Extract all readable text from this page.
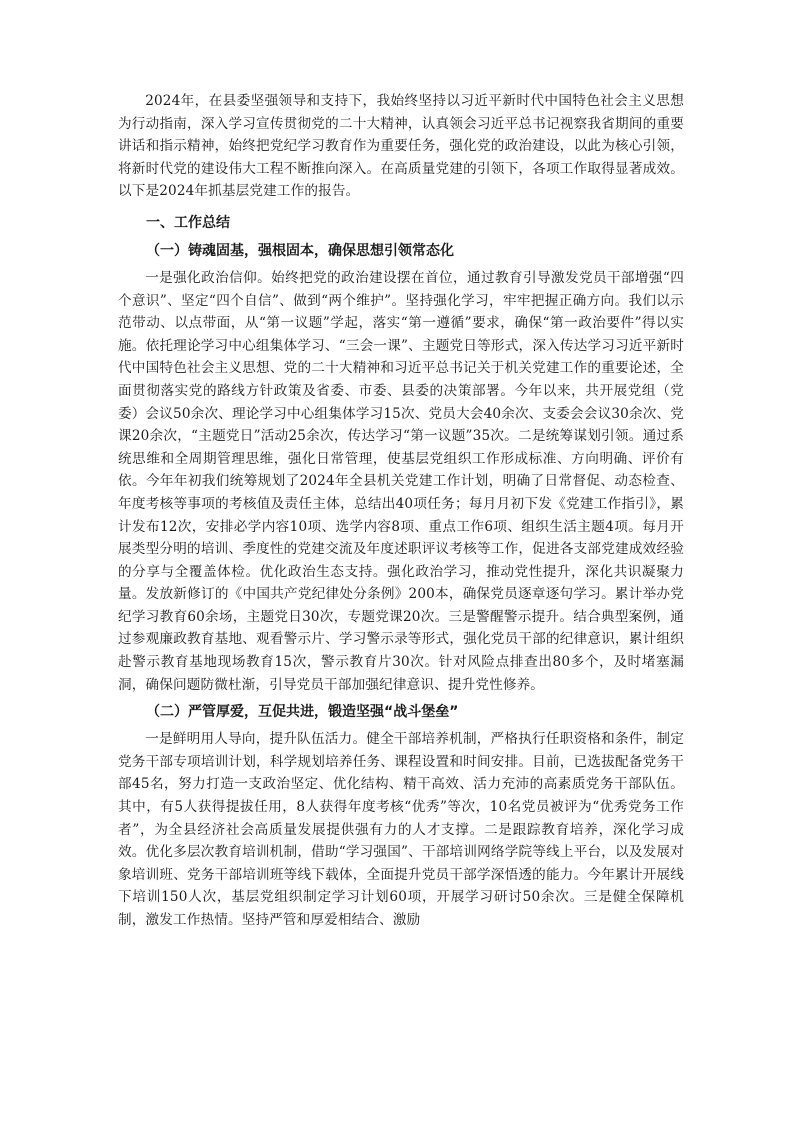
2024年，在县委坚强领导和支持下，我始终坚持以习近平新时代中国特色社会主义思想为行动指南，深入学习宣传贯彻党的二十大精神，认真领会习近平总书记视察我省期间的重要讲话和指示精神，始终把党纪学习教育作为重要任务，强化党的政治建设，以此为核心引领，将新时代党的建设伟大工程不断推向深入。在高质量党建的引领下，各项工作取得显著成效。以下是2024年抓基层党建工作的报告。

一、工作总结
（一）铸魂固基，强根固本，确保思想引领常态化

一是强化政治信仰。始终把党的政治建设摆在首位，通过教育引导激发党员干部增强“四个意识”、坚定“四个自信”、做到“两个维护”。坚持强化学习，牢牢把握正确方向。我们以示范带动、以点带面，从“第一议题”学起，落实“第一遵循”要求，确保“第一政治要件”得以实施。依托理论学习中心组集体学习、“三会一课”、主题党日等形式，深入传达学习习近平新时代中国特色社会主义思想、党的二十大精神和习近平总书记关于机关党建工作的重要论述，全面贯彻落实党的路线方针政策及省委、市委、县委的决策部署。今年以来，共开展党组（党委）会议50余次、理论学习中心组集体学习15次、党员大会40余次、支委会会议30余次、党课20余次，“主题党日”活动25余次，传达学习“第一议题”35次。二是统筹谋划引领。通过系统思维和全周期管理思维，强化日常管理，使基层党组织工作形成标准、方向明确、评价有依。今年年初我们统筹规划了2024年全县机关党建工作计划，明确了日常督促、动态检查、年度考核等事项的考核值及责任主体，总结出40项任务；每月月初下发《党建工作指引》，累计发布12次，安排必学内容10项、选学内容8项、重点工作6项、组织生活主题4项。每月开展类型分明的培训、季度性的党建交流及年度述职评议考核等工作，促进各支部党建成效经验的分享与全覆盖体检。优化政治生态支持。强化政治学习，推动党性提升，深化共识凝聚力量。发放新修订的《中国共产党纪律处分条例》200本，确保党员逐章逐句学习。累计举办党纪学习教育60余场，主题党日30次，专题党课20次。三是警醒警示提升。结合典型案例，通过参观廉政教育基地、观看警示片、学习警示录等形式，强化党员干部的纪律意识，累计组织赴警示教育基地现场教育15次，警示教育片30次。针对风险点排查出80多个，及时堵塞漏洞，确保问题防微杜渐，引导党员干部加强纪律意识、提升党性修养。

（二）严管厚爱，互促共进，锻造坚强“战斗堡垒”

一是鲜明用人导向，提升队伍活力。健全干部培养机制，严格执行任职资格和条件，制定党务干部专项培训计划，科学规划培养任务、课程设置和时间安排。目前，已选拔配备党务干部45名，努力打造一支政治坚定、优化结构、精干高效、活力充沛的高素质党务干部队伍。其中，有5人获得提拔任用，8人获得年度考核“优秀”等次，10名党员被评为“优秀党务工作者”，为全县经济社会高质量发展提供强有力的人才支撑。二是跟踪教育培养，深化学习成效。优化多层次教育培训机制，借助“学习强国”、干部培训网络学院等线上平台，以及发展对象培训班、党务干部培训班等线下载体，全面提升党员干部学深悟透的能力。今年累计开展线下培训150人次，基层党组织制定学习计划60项，开展学习研讨50余次。三是健全保障机制，激发工作热情。坚持严管和厚爱相结合、激励
